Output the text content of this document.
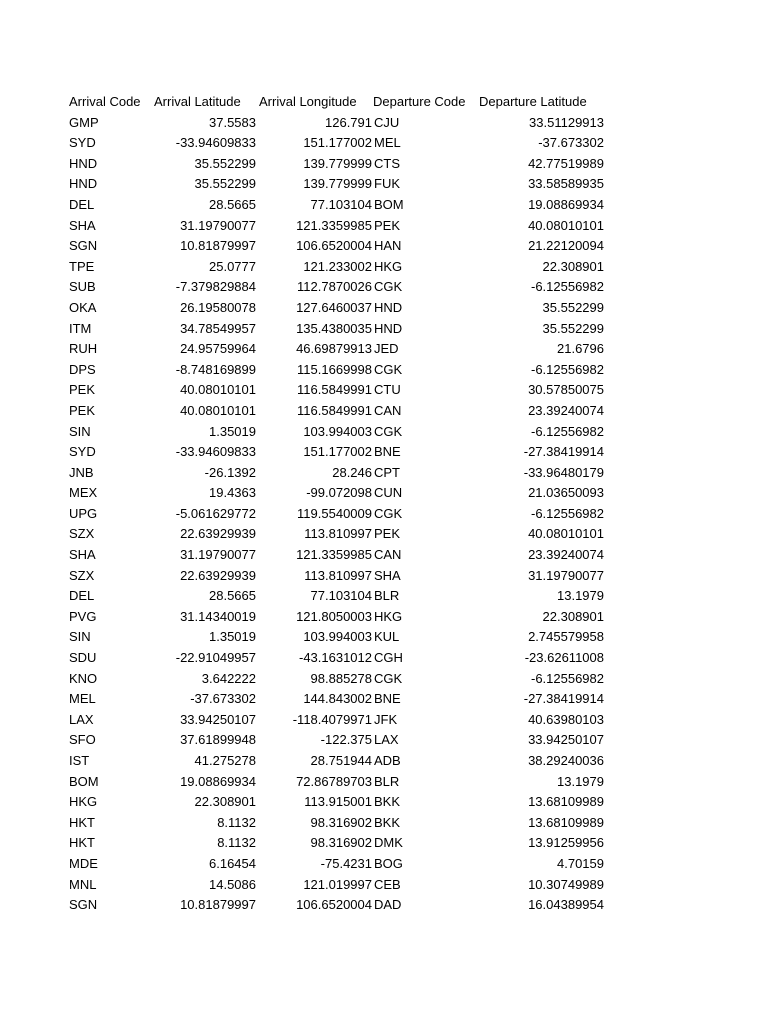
Arrival Code Arrival Latitude Arrival Longitude Departure Code Departure Latitude
GMP	37.5583	126.791 CJU	33.51129913
SYD	-33.94609833	151.177002 MEL	-37.673302
HND	35.552299	139.779999 CTS	42.77519989
HND	35.552299	139.779999 FUK	33.58589935
DEL	28.5665	77.103104 BOM	19.08869934
SHA	31.19790077	121.3359985 PEK	40.08010101
SGN	10.81879997	106.6520004 HAN	21.22120094
TPE	25.0777	121.233002 HKG	22.308901
SUB	-7.379829884	112.7870026 CGK	-6.12556982
OKA	26.19580078	127.6460037 HND	35.552299
ITM	34.78549957	135.4380035 HND	35.552299
RUH	24.95759964	46.69879913 JED	21.6796
DPS	-8.748169899	115.1669998 CGK	-6.12556982
PEK	40.08010101	116.5849991 CTU	30.57850075
PEK	40.08010101	116.5849991 CAN	23.39240074
SIN	1.35019	103.994003 CGK	-6.12556982
SYD	-33.94609833	151.177002 BNE	-27.38419914
JNB	-26.1392	28.246 CPT	-33.96480179
MEX	19.4363	-99.072098 CUN	21.03650093
UPG	-5.061629772	119.5540009 CGK	-6.12556982
SZX	22.63929939	113.810997 PEK	40.08010101
SHA	31.19790077	121.3359985 CAN	23.39240074
SZX	22.63929939	113.810997 SHA	31.19790077
DEL	28.5665	77.103104 BLR	13.1979
PVG	31.14340019	121.8050003 HKG	22.308901
SIN	1.35019	103.994003 KUL	2.745579958
SDU	-22.91049957	-43.1631012 CGH	-23.62611008
KNO	3.642222	98.885278 CGK	-6.12556982
MEL	-37.673302	144.843002 BNE	-27.38419914
LAX	33.94250107	-118.4079971 JFK	40.63980103
SFO	37.61899948	-122.375 LAX	33.94250107
IST	41.275278	28.751944 ADB	38.29240036
BOM	19.08869934	72.86789703 BLR	13.1979
HKG	22.308901	113.915001 BKK	13.68109989
HKT	8.1132	98.316902 BKK	13.68109989
HKT	8.1132	98.316902 DMK	13.91259956
MDE	6.16454	-75.4231 BOG	4.70159
MNL	14.5086	121.019997 CEB	10.30749989
SGN	10.81879997	106.6520004 DAD	16.04389954
